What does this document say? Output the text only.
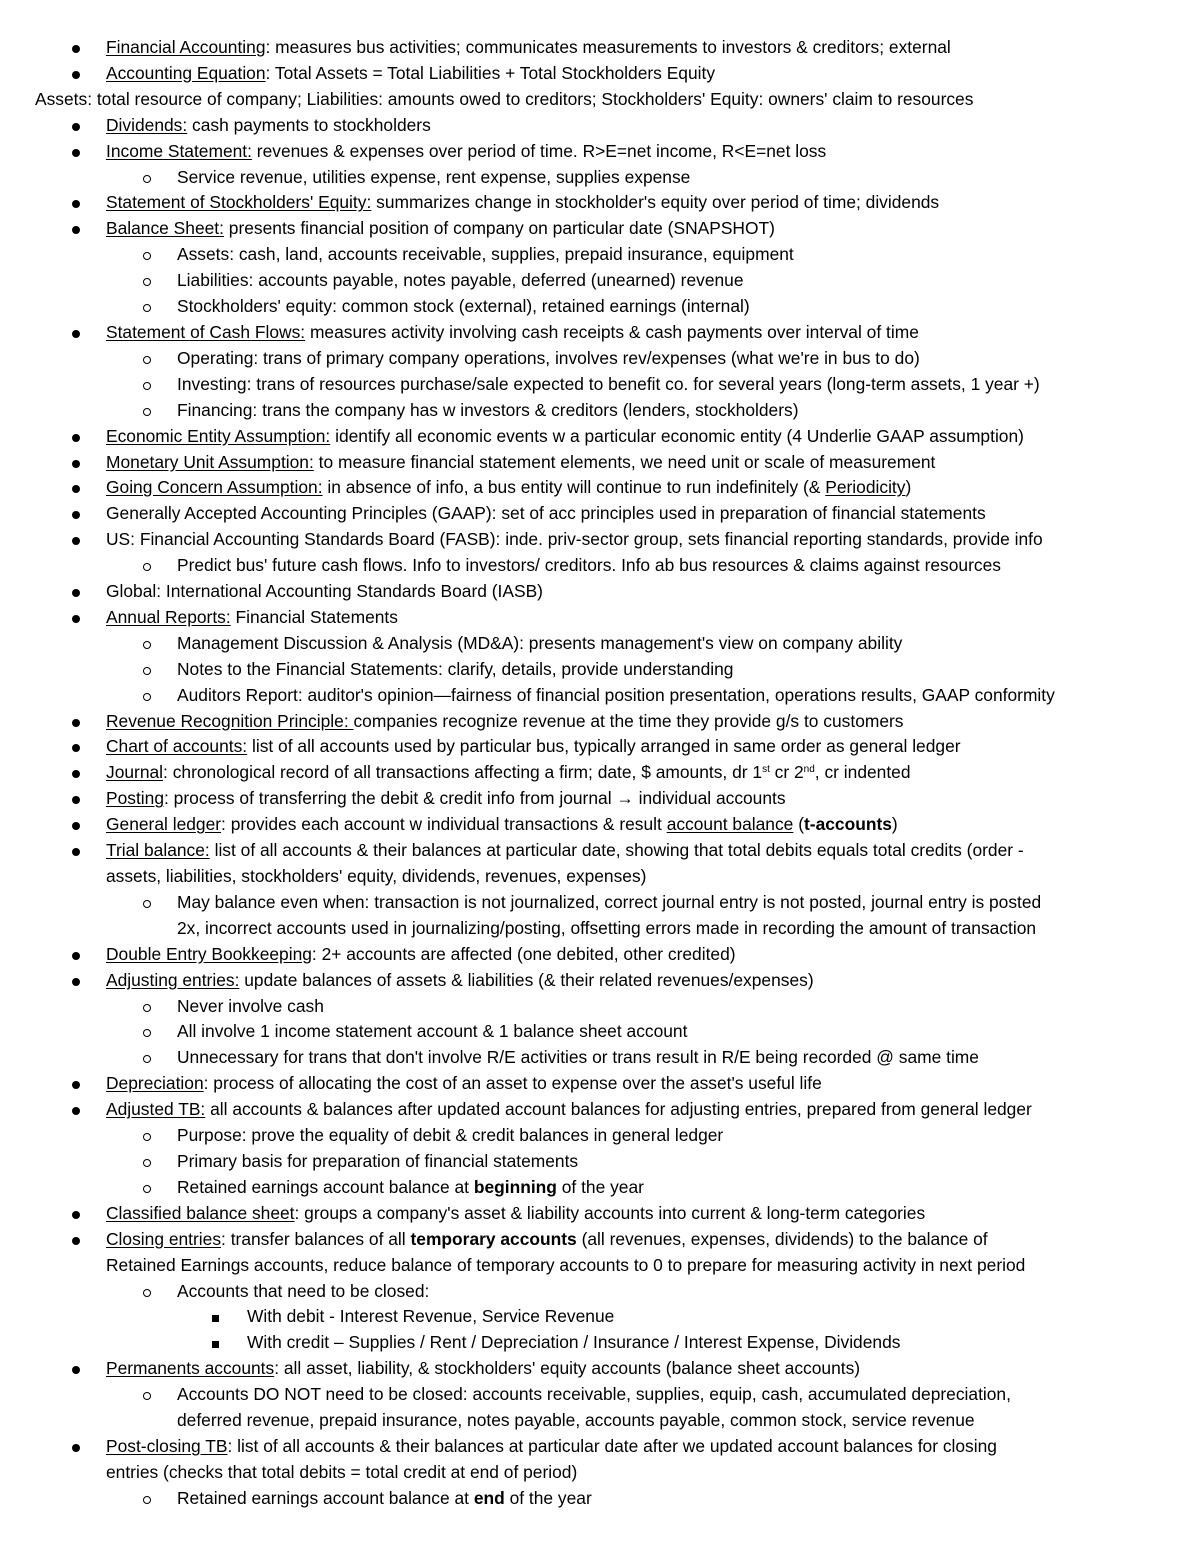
Financial Accounting: measures bus activities; communicates measurements to investors & creditors; external
Accounting Equation: Total Assets = Total Liabilities + Total Stockholders Equity
Assets: total resource of company; Liabilities: amounts owed to creditors; Stockholders' Equity: owners' claim to resources
Dividends: cash payments to stockholders
Income Statement: revenues & expenses over period of time. R>E=net income, R<E=net loss
Service revenue, utilities expense, rent expense, supplies expense
Statement of Stockholders' Equity: summarizes change in stockholder's equity over period of time; dividends
Balance Sheet: presents financial position of company on particular date (SNAPSHOT)
Assets: cash, land, accounts receivable, supplies, prepaid insurance, equipment
Liabilities: accounts payable, notes payable, deferred (unearned) revenue
Stockholders' equity: common stock (external), retained earnings (internal)
Statement of Cash Flows: measures activity involving cash receipts & cash payments over interval of time
Operating: trans of primary company operations, involves rev/expenses (what we're in bus to do)
Investing: trans of resources purchase/sale expected to benefit co. for several years (long-term assets, 1 year +)
Financing: trans the company has w investors & creditors (lenders, stockholders)
Economic Entity Assumption: identify all economic events w a particular economic entity (4 Underlie GAAP assumption)
Monetary Unit Assumption: to measure financial statement elements, we need unit or scale of measurement
Going Concern Assumption: in absence of info, a bus entity will continue to run indefinitely (& Periodicity)
Generally Accepted Accounting Principles (GAAP): set of acc principles used in preparation of financial statements
US: Financial Accounting Standards Board (FASB): inde. priv-sector group, sets financial reporting standards, provide info
Predict bus' future cash flows. Info to investors/ creditors. Info ab bus resources & claims against resources
Global: International Accounting Standards Board (IASB)
Annual Reports: Financial Statements
Management Discussion & Analysis (MD&A): presents management's view on company ability
Notes to the Financial Statements: clarify, details, provide understanding
Auditors Report: auditor's opinion—fairness of financial position presentation, operations results, GAAP conformity
Revenue Recognition Principle: companies recognize revenue at the time they provide g/s to customers
Chart of accounts: list of all accounts used by particular bus, typically arranged in same order as general ledger
Journal: chronological record of all transactions affecting a firm; date, $ amounts, dr 1st cr 2nd, cr indented
Posting: process of transferring the debit & credit info from journal → individual accounts
General ledger: provides each account w individual transactions & result account balance (t-accounts)
Trial balance: list of all accounts & their balances at particular date, showing that total debits equals total credits (order -
assets, liabilities, stockholders' equity, dividends, revenues, expenses)
May balance even when: transaction is not journalized, correct journal entry is not posted, journal entry is posted
2x, incorrect accounts used in journalizing/posting, offsetting errors made in recording the amount of transaction
Double Entry Bookkeeping: 2+ accounts are affected (one debited, other credited)
Adjusting entries: update balances of assets & liabilities (& their related revenues/expenses)
Never involve cash
All involve 1 income statement account & 1 balance sheet account
Unnecessary for trans that don't involve R/E activities or trans result in R/E being recorded @ same time
Depreciation: process of allocating the cost of an asset to expense over the asset's useful life
Adjusted TB: all accounts & balances after updated account balances for adjusting entries, prepared from general ledger
Purpose: prove the equality of debit & credit balances in general ledger
Primary basis for preparation of financial statements
Retained earnings account balance at beginning of the year
Classified balance sheet: groups a company's asset & liability accounts into current & long-term categories
Closing entries: transfer balances of all temporary accounts (all revenues, expenses, dividends) to the balance of
Retained Earnings accounts, reduce balance of temporary accounts to 0 to prepare for measuring activity in next period
Accounts that need to be closed:
With debit - Interest Revenue, Service Revenue
With credit – Supplies / Rent / Depreciation / Insurance / Interest Expense, Dividends
Permanents accounts: all asset, liability, & stockholders' equity accounts (balance sheet accounts)
Accounts DO NOT need to be closed: accounts receivable, supplies, equip, cash, accumulated depreciation,
deferred revenue, prepaid insurance, notes payable, accounts payable, common stock, service revenue
Post-closing TB: list of all accounts & their balances at particular date after we updated account balances for closing
entries (checks that total debits = total credit at end of period)
Retained earnings account balance at end of the year
